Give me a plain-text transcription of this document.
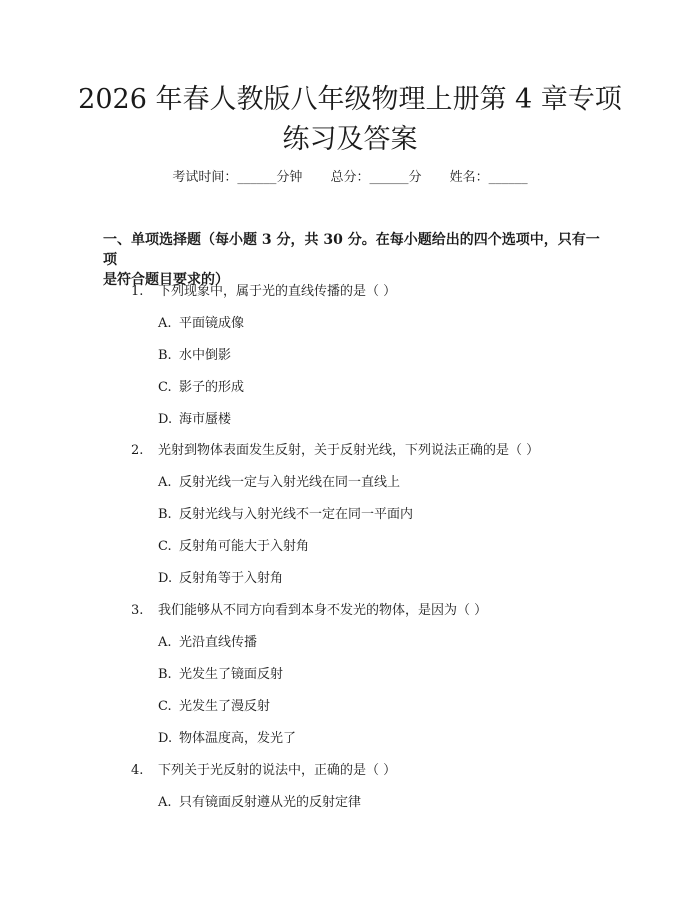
2026 年春人教版八年级物理上册第 4 章专项
练习及答案
考试时间：______分钟 总分：______分 姓名：______
一、单项选择题（每小题 3 分，共 30 分。在每小题给出的四个选项中，只有一项
是符合题目要求的）
1.	下列现象中，属于光的直线传播的是（ ）
A. 平面镜成像
B. 水中倒影
C. 影子的形成
D. 海市蜃楼
2.	光射到物体表面发生反射，关于反射光线，下列说法正确的是（ ）
A. 反射光线一定与入射光线在同一直线上
B. 反射光线与入射光线不一定在同一平面内
C. 反射角可能大于入射角
D. 反射角等于入射角
3.	我们能够从不同方向看到本身不发光的物体，是因为（ ）
A. 光沿直线传播
B. 光发生了镜面反射
C. 光发生了漫反射
D. 物体温度高，发光了
4.	下列关于光反射的说法中，正确的是（ ）
A. 只有镜面反射遵从光的反射定律
